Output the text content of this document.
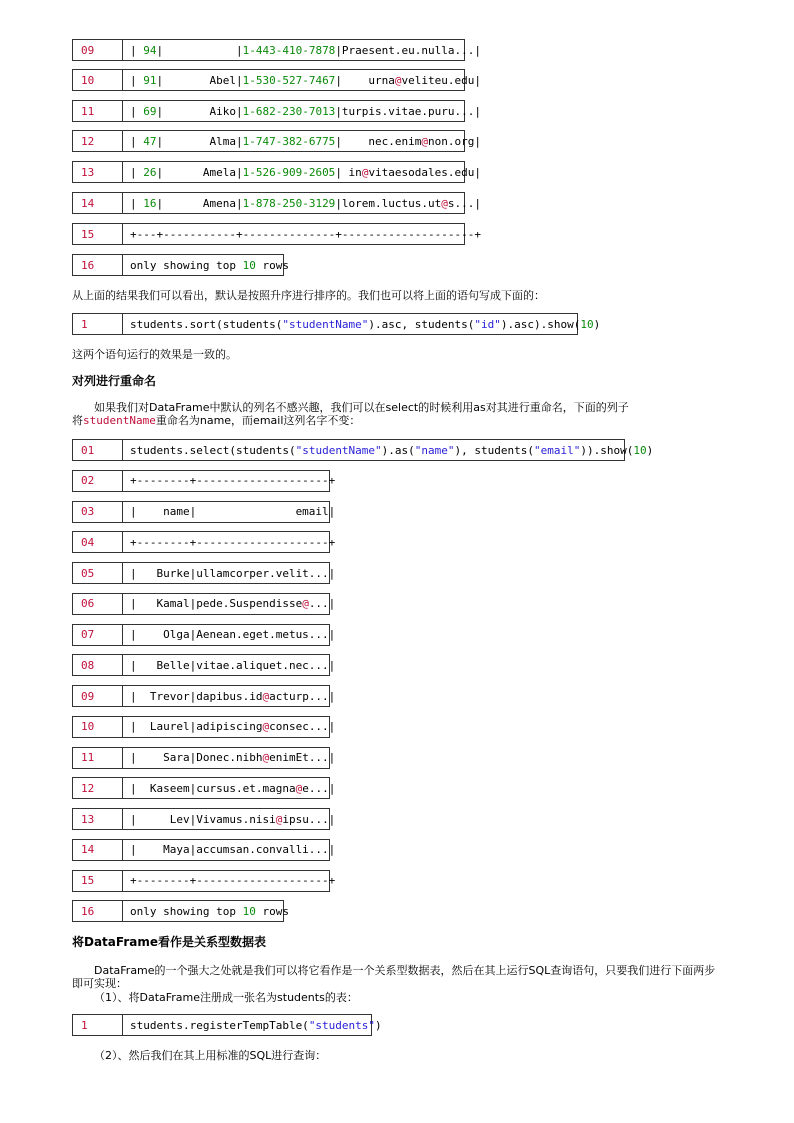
09	| 94 |           | 1-443-410-7878 |Praesent.eu.nulla...|
10	| 91 |       Abel| 1-530-527-7467 |    urna @ veliteu.edu|
11	| 69 |       Aiko| 1-682-230-7013 |turpis.vitae.puru...|
12	| 47 |       Alma| 1-747-382-6775 |    nec.enim @ non.org|
13	| 26 |      Amela| 1-526-909-2605 | in @ vitaesodales.edu|
14	| 16 |      Amena| 1-878-250-3129 |lorem.luctus.ut @ s...|
15	+---+-----------+--------------+--------------------+
16	only showing top 10 rows
从上面的结果我们可以看出，默认是按照升序进行排序的。我们也可以将上面的语句写成下面的：
1	students.sort(students( "studentName" ).asc, students( "id" ).asc).show( 10 )
这两个语句运行的效果是一致的。
对列进行重命名
如果我们对DataFrame中默认的列名不感兴趣，我们可以在select的时候利用as对其进行重命名，下面的列子

将studentName重命名为name，而email这列名字不变：
01	students.select(students( "studentName" ).as( "name" ), students( "email" )).show( 10 )
02	+--------+--------------------+
03	|    name|               email|
04	+--------+--------------------+
05	|   Burke|ullamcorper.velit...|
06	|   Kamal|pede.Suspendisse @ ...|
07	|    Olga|Aenean.eget.metus...|
08	|   Belle|vitae.aliquet.nec...|
09	|  Trevor|dapibus.id @ acturp...|
10	|  Laurel|adipiscing @ consec...|
11	|    Sara|Donec.nibh @ enimEt...|
12	|  Kaseem|cursus.et.magna @ e...|
13	|     Lev|Vivamus.nisi @ ipsu...|
14	|    Maya|accumsan.convalli...|
15	+--------+--------------------+
16	only showing top 10 rows
将DataFrame看作是关系型数据表
DataFrame的一个强大之处就是我们可以将它看作是一个关系型数据表，然后在其上运行SQL查询语句，只要我们进行下面两步即可实现：
（1）、将DataFrame注册成一张名为students的表：
1	students.registerTempTable( "students" )
（2）、然后我们在其上用标准的SQL进行查询：
